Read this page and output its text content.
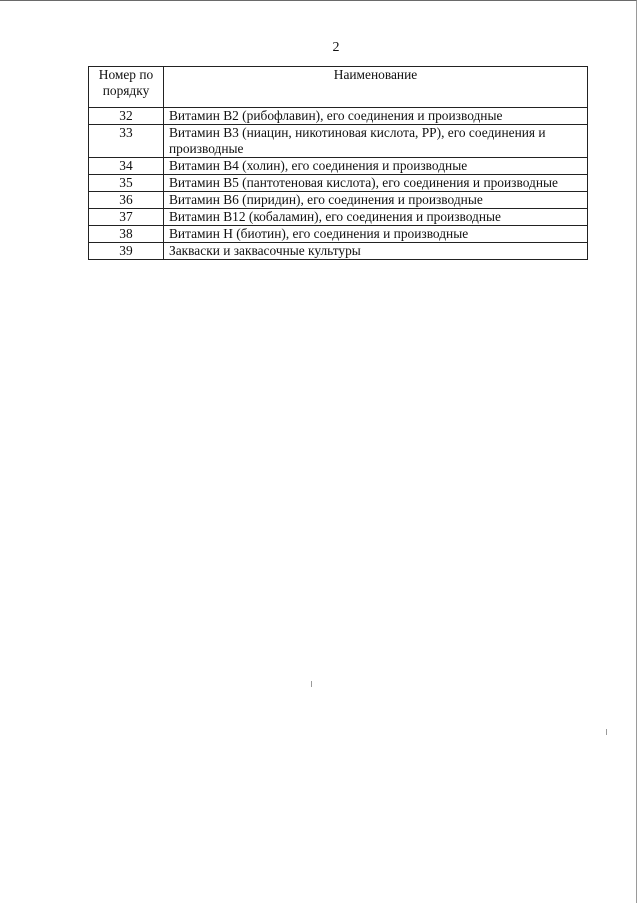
2
Номер по порядку	Наименование
32	Витамин В2 (рибофлавин), его соединения и производные
33	Витамин В3 (ниацин, никотиновая кислота, РР), его соединения и производные
34	Витамин В4 (холин), его соединения и производные
35	Витамин В5 (пантотеновая кислота), его соединения и производные
36	Витамин В6 (пиридин), его соединения и производные
37	Витамин В12 (кобаламин), его соединения и производные
38	Витамин Н (биотин), его соединения и производные
39	Закваски и заквасочные культуры
